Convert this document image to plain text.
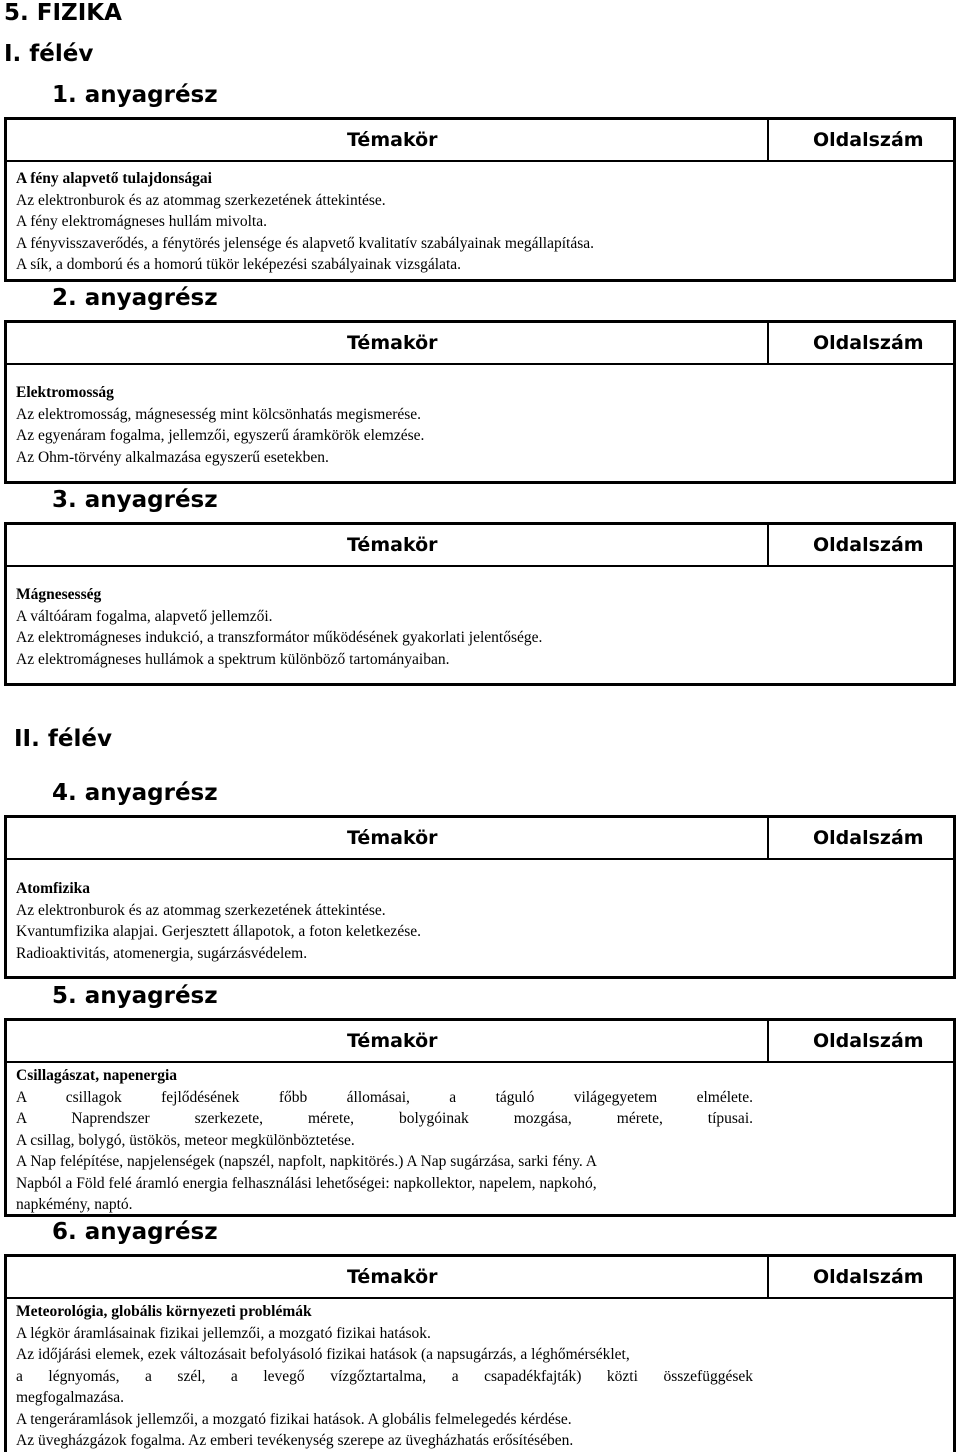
5. FIZIKA
I. félév
1. anyagrész
Témakör	Oldalszám
A fény alapvető tulajdonságai
Az elektronburok és az atommag szerkezetének áttekintése.
A fény elektromágneses hullám mivolta.
A fényvisszaverődés, a fénytörés jelensége és alapvető kvalitatív szabályainak megállapítása.
A sík, a domború és a homorú tükör leképezési szabályainak vizsgálata.
2. anyagrész
Témakör	Oldalszám
Elektromosság
Az elektromosság, mágnesesség mint kölcsönhatás megismerése.
Az egyenáram fogalma, jellemzői, egyszerű áramkörök elemzése.
Az Ohm-törvény alkalmazása egyszerű esetekben.
3. anyagrész
Témakör	Oldalszám
Mágnesesség
A váltóáram fogalma, alapvető jellemzői.
Az elektromágneses indukció, a transzformátor működésének gyakorlati jelentősége.
Az elektromágneses hullámok a spektrum különböző tartományaiban.
II. félév
4. anyagrész
Témakör	Oldalszám
Atomfizika
Az elektronburok és az atommag szerkezetének áttekintése.
Kvantumfizika alapjai. Gerjesztett állapotok, a foton keletkezése.
Radioaktivitás, atomenergia, sugárzásvédelem.
5. anyagrész
Témakör	Oldalszám
Csillagászat, napenergia
A csillagok fejlődésének főbb állomásai, a táguló világegyetem elmélete.
A Naprendszer szerkezete, mérete, bolygóinak mozgása, mérete, típusai.
A csillag, bolygó, üstökös, meteor megkülönböztetése.
A Nap felépítése, napjelenségek (napszél, napfolt, napkitörés.) A Nap sugárzása, sarki fény. A
Napból a Föld felé áramló energia felhasználási lehetőségei: napkollektor, napelem, napkohó,
napkémény, naptó.
6. anyagrész
Témakör	Oldalszám
Meteorológia, globális környezeti problémák
A légkör áramlásainak fizikai jellemzői, a mozgató fizikai hatások.
Az időjárási elemek, ezek változásait befolyásoló fizikai hatások (a napsugárzás, a léghőmérséklet,
a légnyomás, a szél, a levegő vízgőztartalma, a csapadékfajták) közti összefüggések
megfogalmazása.
A tengeráramlások jellemzői, a mozgató fizikai hatások. A globális felmelegedés kérdése.
Az üvegházgázok fogalma. Az emberi tevékenység szerepe az üvegházhatás erősítésében.
